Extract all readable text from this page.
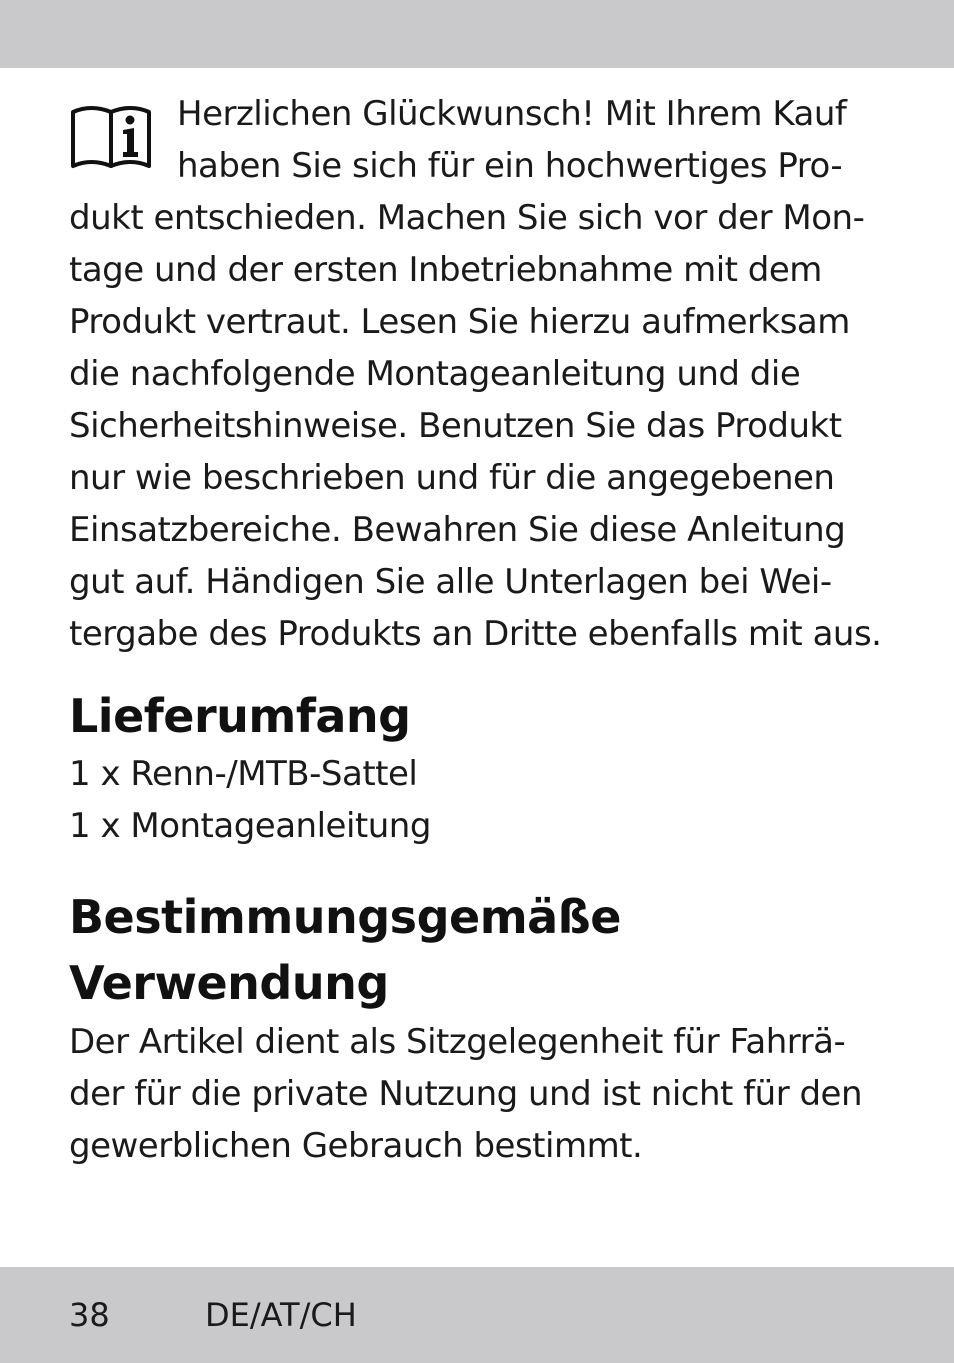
Herzlichen Glückwunsch! Mit Ihrem Kauf
haben Sie sich für ein hochwertiges Pro-
dukt entschieden. Machen Sie sich vor der Mon-
tage und der ersten Inbetriebnahme mit dem
Produkt vertraut. Lesen Sie hierzu aufmerksam
die nachfolgende Montageanleitung und die
Sicherheitshinweise. Benutzen Sie das Produkt
nur wie beschrieben und für die angegebenen
Einsatzbereiche. Bewahren Sie diese Anleitung
gut auf. Händigen Sie alle Unterlagen bei Wei-
tergabe des Produkts an Dritte ebenfalls mit aus.
Lieferumfang
1 x Renn-/MTB-Sattel
1 x Montageanleitung
Bestimmungsgemäße
Verwendung

Der Artikel dient als Sitzgelegenheit für Fahrrä-
der für die private Nutzung und ist nicht für den
gewerblichen Gebrauch bestimmt.

38	DE/AT/CH
